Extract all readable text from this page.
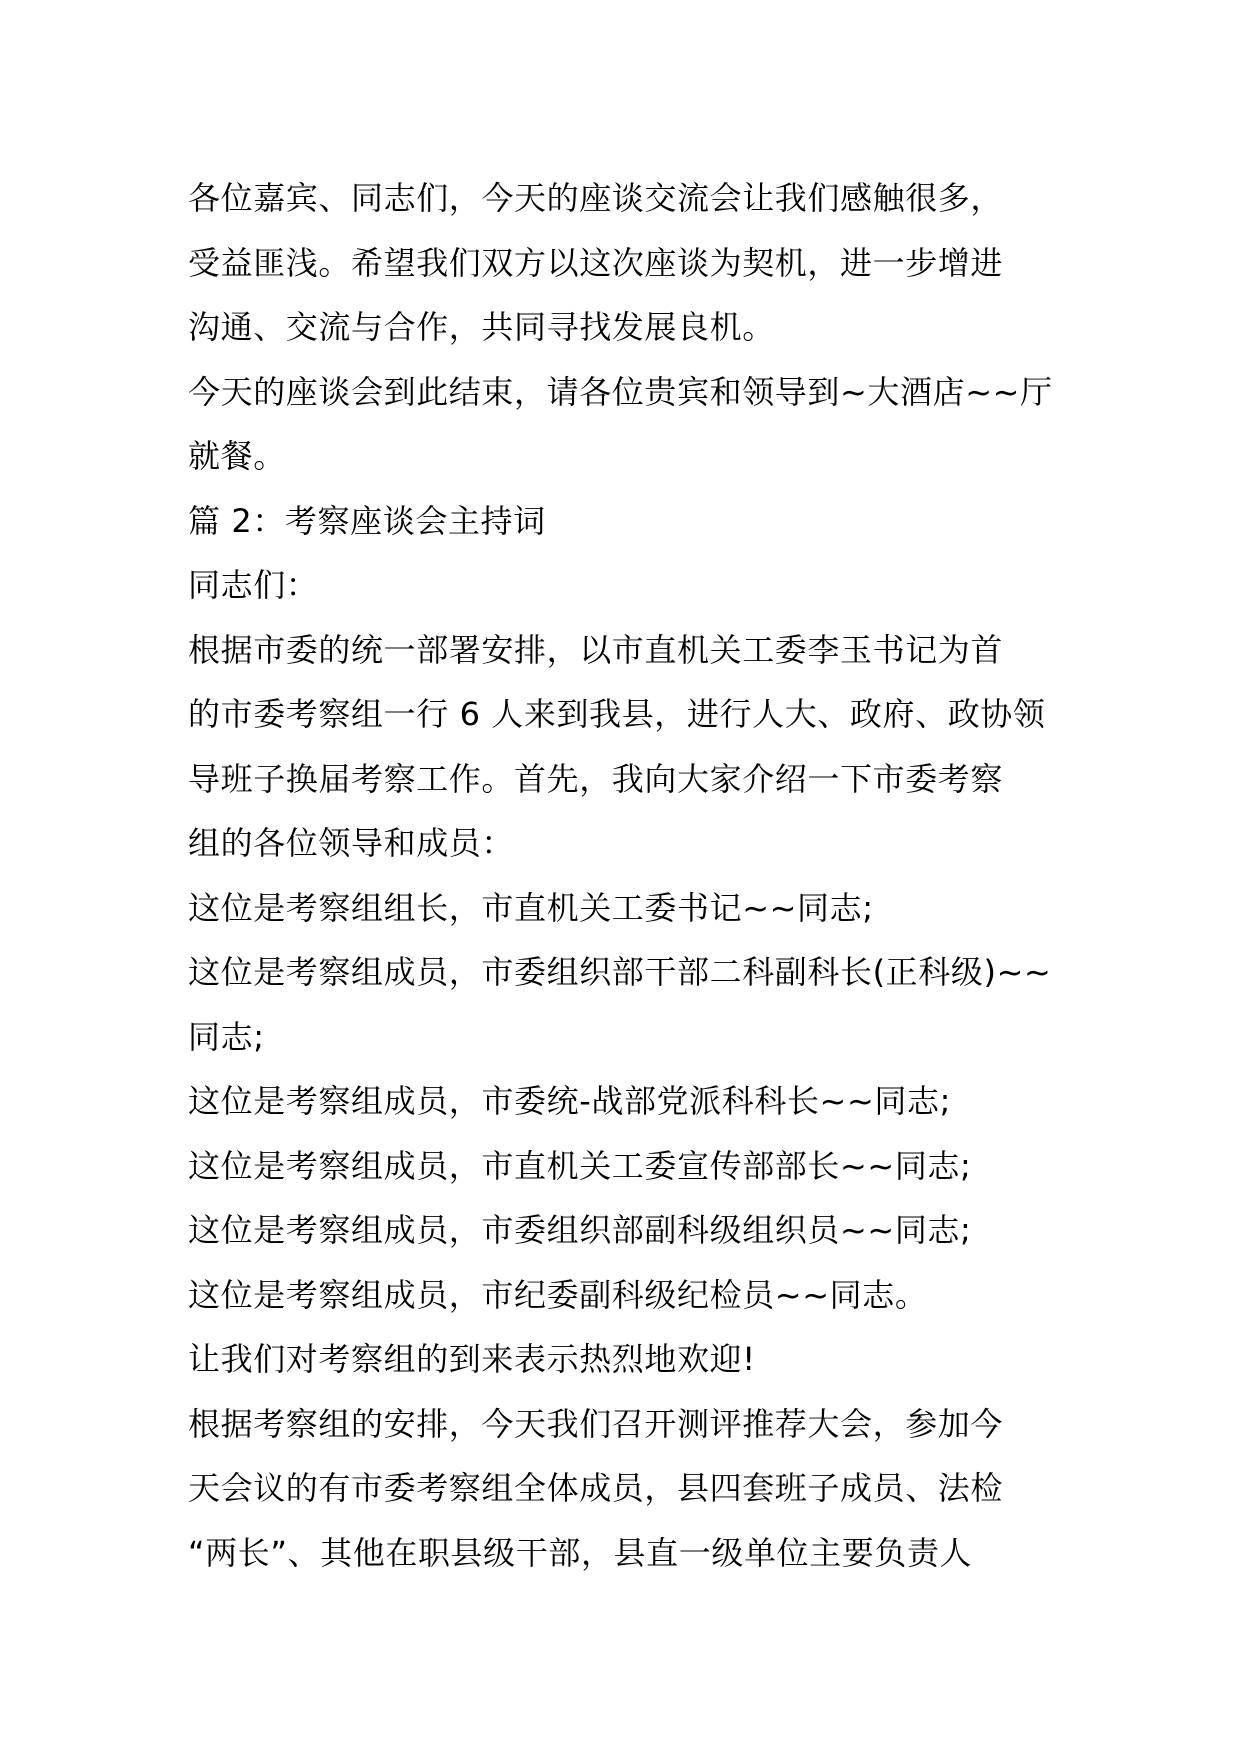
各位嘉宾、同志们，今天的座谈交流会让我们感触很多，
受益匪浅。希望我们双方以这次座谈为契机，进一步增进
沟通、交流与合作，共同寻找发展良机。
今天的座谈会到此结束，请各位贵宾和领导到~大酒店~~厅
就餐。
篇 2：考察座谈会主持词
同志们：
根据市委的统一部署安排，以市直机关工委李玉书记为首
的市委考察组一行 6 人来到我县，进行人大、政府、政协领
导班子换届考察工作。首先，我向大家介绍一下市委考察
组的各位领导和成员：
这位是考察组组长，市直机关工委书记~~同志;
这位是考察组成员，市委组织部干部二科副科长(正科级)~~
同志;
这位是考察组成员，市委统-战部党派科科长~~同志;
这位是考察组成员，市直机关工委宣传部部长~~同志;
这位是考察组成员，市委组织部副科级组织员~~同志;
这位是考察组成员，市纪委副科级纪检员~~同志。
让我们对考察组的到来表示热烈地欢迎!
根据考察组的安排，今天我们召开测评推荐大会，参加今
天会议的有市委考察组全体成员，县四套班子成员、法检
“两长”、其他在职县级干部，县直一级单位主要负责人
